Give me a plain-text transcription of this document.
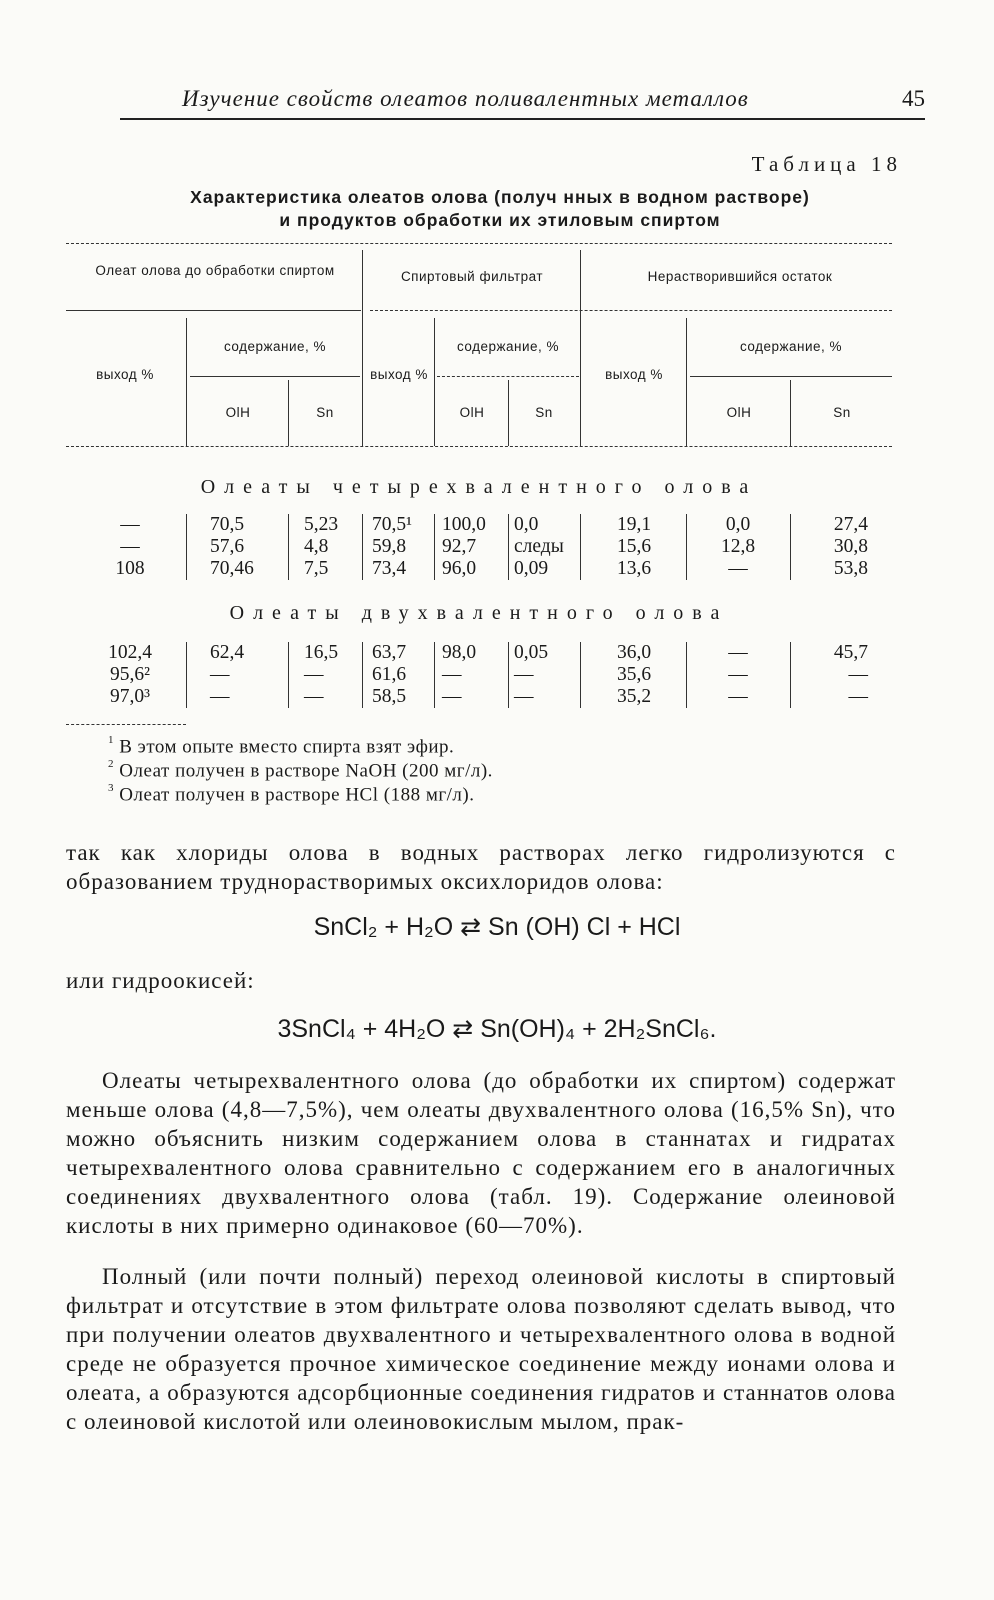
Изучение свойств олеатов поливалентных металлов	45
Таблица 18
Характеристика олеатов олова (получ нных в водном растворе)
и продуктов обработки их этиловым спиртом
Олеат олова до обработки спиртом	Спиртовый фильтрат	Нерастворившийся остаток
выход %
содержание, %
OlH	Sn
выход %
содержание, %
OlH	Sn
выход %
содержание, %
OlH	Sn
Олеаты четырехвалентного олова
Олеаты двухвалентного олова
—	70,5	5,23	70,5¹	100,0	0,0	19,1	0,0	27,4
—	57,6	4,8	59,8	92,7	следы	15,6	12,8	30,8
108	70,46	7,5	73,4	96,0	0,09	13,6	—	53,8
102,4	62,4	16,5	63,7	98,0	0,05	36,0	—	45,7
95,6²	—	—	61,6	—	—	35,6	—	—
97,0³	—	—	58,5	—	—	35,2	—	—
$^1$ В этом опыте вместо спирта взят эфир.
$^2$ Олеат получен в растворе NaOH (200 мг/л).
$^3$ Олеат получен в растворе HCl (188 мг/л).
так как хлориды олова в водных растворах легко гидролизуются с образованием труднорастворимых оксихлоридов олова:
SnCl₂ + H₂O ⇄ Sn (OH) Cl + HCl
или гидроокисей:
3SnCl₄ + 4H₂O ⇄ Sn(OH)₄ + 2H₂SnCl₆.
Олеаты четырехвалентного олова (до обработки их спиртом) содержат меньше олова (4,8—7,5%), чем олеаты двухвалентного олова (16,5% Sn), что можно объяснить низким содержанием олова в станнатах и гидратах четырехвалентного олова сравнительно с содержанием его в аналогичных соединениях двухвалентного олова (табл. 19). Содержание олеиновой кислоты в них примерно одинаковое (60—70%).
Полный (или почти полный) переход олеиновой кислоты в спиртовый фильтрат и отсутствие в этом фильтрате олова позволяют сделать вывод, что при получении олеатов двухвалентного и четырехвалентного олова в водной среде не образуется прочное химическое соединение между ионами олова и олеата, а образуются адсорбционные соединения гидратов и станнатов олова с олеиновой кислотой или олеиновокислым мылом, прак-
